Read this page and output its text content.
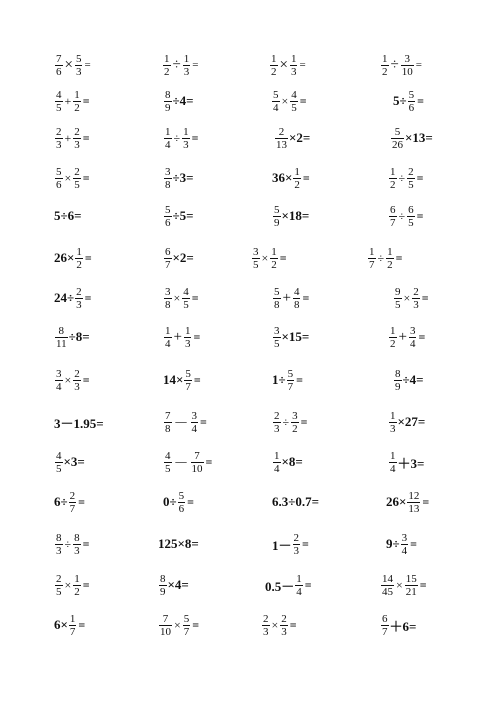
$\frac{7}{6} \times \frac{5}{3}$ =	$\frac{1}{2} \div \frac{1}{3}$ =	$\frac{1}{2} \times \frac{1}{3}$ =	$\frac{1}{2} \div \frac{3}{10}$ =
$\frac{4}{5} + \frac{1}{2}$ =	$\frac{8}{9} \div 4=$	$\frac{5}{4} \times \frac{4}{5}$ =	$5\div \frac{5}{6}$ =
$\frac{2}{3} + \frac{2}{3}$ =	$\frac{1}{4} \div \frac{1}{3}$ =	$\frac{2}{13} \times 2=$	$\frac{5}{26} \times 13=$
$\frac{5}{6} \times \frac{2}{5}$ =	$\frac{3}{8} \div 3=$	$36\times \frac{1}{2}$ =	$\frac{1}{2} \div \frac{2}{5}$ =
5÷6=	$\frac{5}{6} \div 5=$	$\frac{5}{9} \times 18=$	$\frac{6}{7} \div \frac{6}{5}$ =
$26\times \frac{1}{2}$ =	$\frac{6}{7} \times 2=$	$\frac{3}{5} \times \frac{1}{2}$ =	$\frac{1}{7} \div \frac{1}{2}$ =
$24\div \frac{2}{3}$ =	$\frac{3}{8} \times \frac{4}{5}$ =	$\frac{5}{8} + \frac{4}{8}$ =	$\frac{9}{5} \times \frac{2}{3}$ =
$\frac{8}{11} \div 8=$	$\frac{1}{4} + \frac{1}{3}$ =	$\frac{3}{5} \times 15=$	$\frac{1}{2} + \frac{3}{4}$ =
$\frac{3}{4} \times \frac{2}{3}$ =	$14\times \frac{5}{7}$ =	$1\div \frac{5}{7}$ =	$\frac{8}{9} \div 4=$
3－1.95=	$\frac{7}{8} - \frac{3}{4}$ =	$\frac{2}{3} \div \frac{3}{2}$ =	$\frac{1}{3} \times 27=$
$\frac{4}{5} \times 3=$	$\frac{4}{5} - \frac{7}{10}$ =	$\frac{1}{4} \times 8=$	$\frac{1}{4} +3=$
$6\div \frac{2}{7}$ =	$0\div \frac{5}{6}$ =	6.3÷0.7=	$26\times \frac{12}{13}$ =
$\frac{8}{3} \div \frac{8}{3}$ =	125×8=	$1- \frac{2}{3}$ =	$9\div \frac{3}{4}$ =
$\frac{2}{5} \times \frac{1}{2}$ =	$\frac{8}{9} \times 4=$	$0.5- \frac{1}{4}$ =	$\frac{14}{45} \times \frac{15}{21}$ =
$6\times \frac{1}{7}$ =	$\frac{7}{10} \times \frac{5}{7}$ =	$\frac{2}{3} \times \frac{2}{3}$ =	$\frac{6}{7} +6=$
